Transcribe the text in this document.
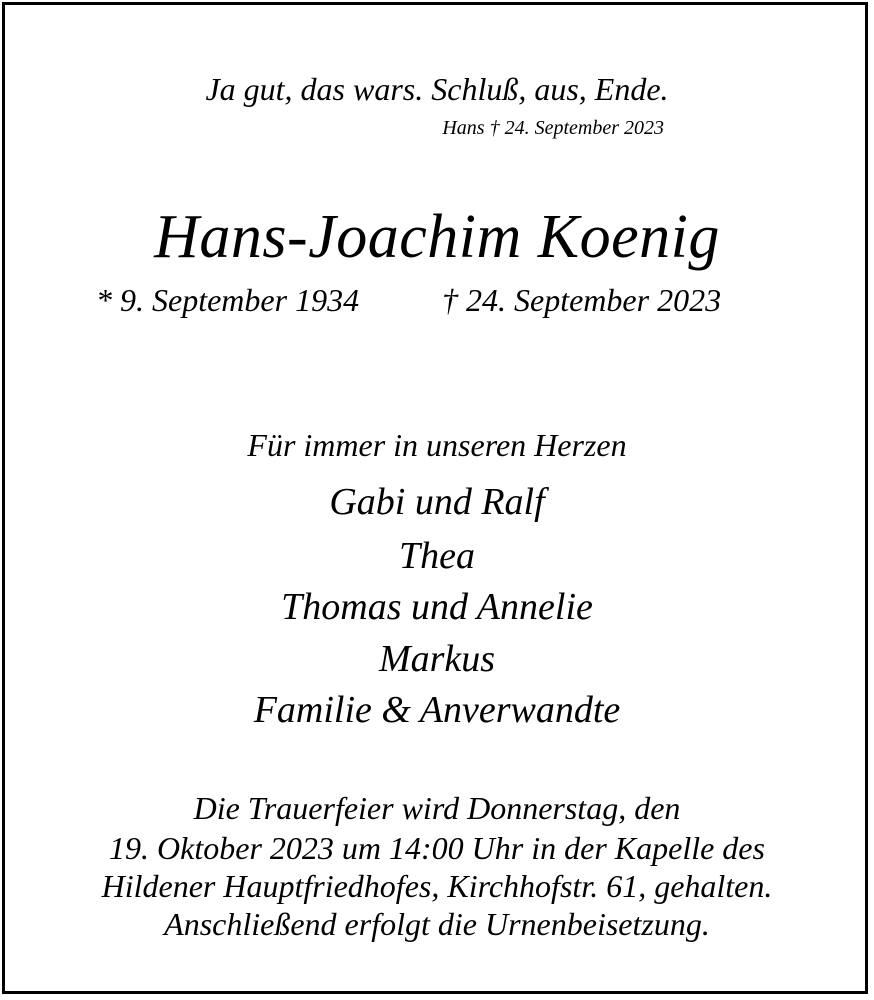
Ja gut, das wars. Schluß, aus, Ende.
Hans † 24. September 2023
Hans-Joachim Koenig
* 9. September 1934	† 24. September 2023
Für immer in unseren Herzen
Gabi und Ralf
Thea
Thomas und Annelie
Markus
Familie & Anverwandte
Die Trauerfeier wird Donnerstag, den
19. Oktober 2023 um 14:00 Uhr in der Kapelle des
Hildener Hauptfriedhofes, Kirchhofstr. 61, gehalten.
Anschließend erfolgt die Urnenbeisetzung.
